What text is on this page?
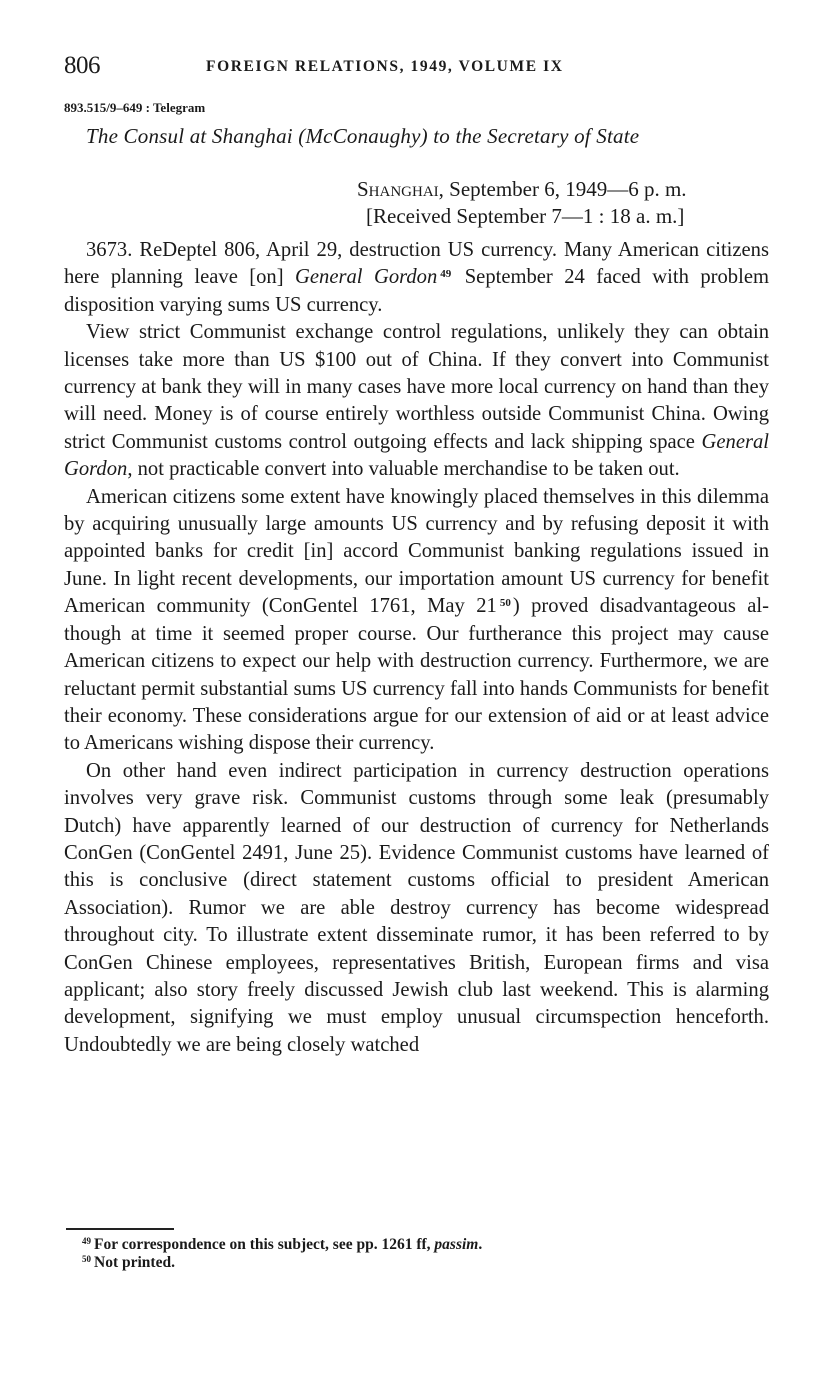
806	FOREIGN RELATIONS, 1949, VOLUME IX
893.515/9–649 : Telegram
The Consul at Shanghai (McConaughy) to the Secretary of State
Shanghai, September 6, 1949—6 p. m.
[Received September 7—1 : 18 a. m.]

3673. ReDeptel 806, April 29, destruction US currency. Many American citizens here planning leave [on] General Gordon $^{49}$ September 24 faced with problem disposition varying sums US currency.

View strict Communist exchange control regulations, unlikely they can obtain licenses take more than US $100 out of China. If they convert into Communist currency at bank they will in many cases have more local currency on hand than they will need. Money is of course entirely worthless outside Communist China. Owing strict Communist customs control outgoing effects and lack shipping space General Gordon, not practicable convert into valuable merchandise to be taken out.

American citizens some extent have knowingly placed themselves in this dilemma by acquiring unusually large amounts US currency and by refusing deposit it with appointed banks for credit [in] accord Communist banking regulations issued in June. In light recent developments, our importation amount US currency for benefit American community (ConGentel 1761, May 21 $^{50}$) proved disadvantageous although at time it seemed proper course. Our furtherance this project may cause American citizens to expect our help with destruction currency. Furthermore, we are reluctant permit substantial sums US currency fall into hands Communists for benefit their economy. These considerations argue for our extension of aid or at least advice to Americans wishing dispose their currency.

On other hand even indirect participation in currency destruction operations involves very grave risk. Communist customs through some leak (presumably Dutch) have apparently learned of our destruction of currency for Netherlands ConGen (ConGentel 2491, June 25). Evidence Communist customs have learned of this is conclusive (direct statement customs official to president American Association). Rumor we are able destroy currency has become widespread throughout city. To illustrate extent disseminate rumor, it has been referred to by ConGen Chinese employees, representatives British, European firms and visa applicant; also story freely discussed Jewish club last weekend. This is alarming development, signifying we must employ unusual circumspection henceforth. Undoubtedly we are being closely watched

$^{49}$ For correspondence on this subject, see pp. 1261 ff, passim.
$^{50}$ Not printed.
